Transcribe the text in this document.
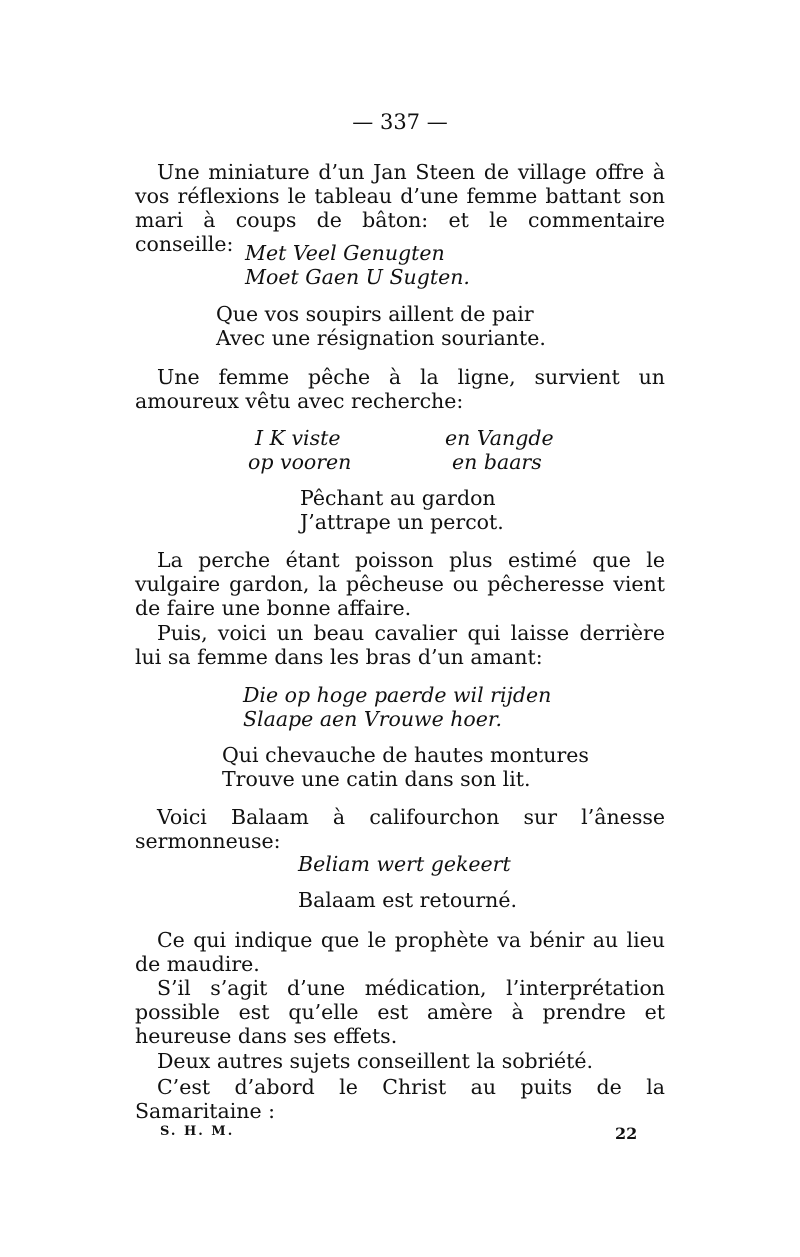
— 337 —

Une miniature d’un Jan Steen de village offre à vos réflexions le tableau d’une femme battant son mari à coups de bâton: et le commentaire conseille: Met Veel Genugten
Moet Gaen U Sugten.
Que vos soupirs aillent de pair
Avec une résignation souriante.

Une femme pêche à la ligne, survient un amoureux vêtu avec recherche:

I K viste
op vooren
en Vangde
en baars
Pêchant au gardon
J’attrape un percot.

La perche étant poisson plus estimé que le vulgaire gardon, la pêcheuse ou pêcheresse vient de faire une bonne affaire.

Puis, voici un beau cavalier qui laisse derrière lui sa femme dans les bras d’un amant:

Die op hoge paerde wil rijden
Slaape aen Vrouwe hoer.
Qui chevauche de hautes montures
Trouve une catin dans son lit.

Voici Balaam à califourchon sur l’ânesse sermonneuse:

Beliam wert gekeert
Balaam est retourné.

Ce qui indique que le prophète va bénir au lieu de maudire.

S’il s’agit d’une médication, l’interprétation possible est qu’elle est amère à prendre et heureuse dans ses effets.

Deux autres sujets conseillent la sobriété.

C’est d’abord le Christ au puits de la Samaritaine :

S. H. M.	22
